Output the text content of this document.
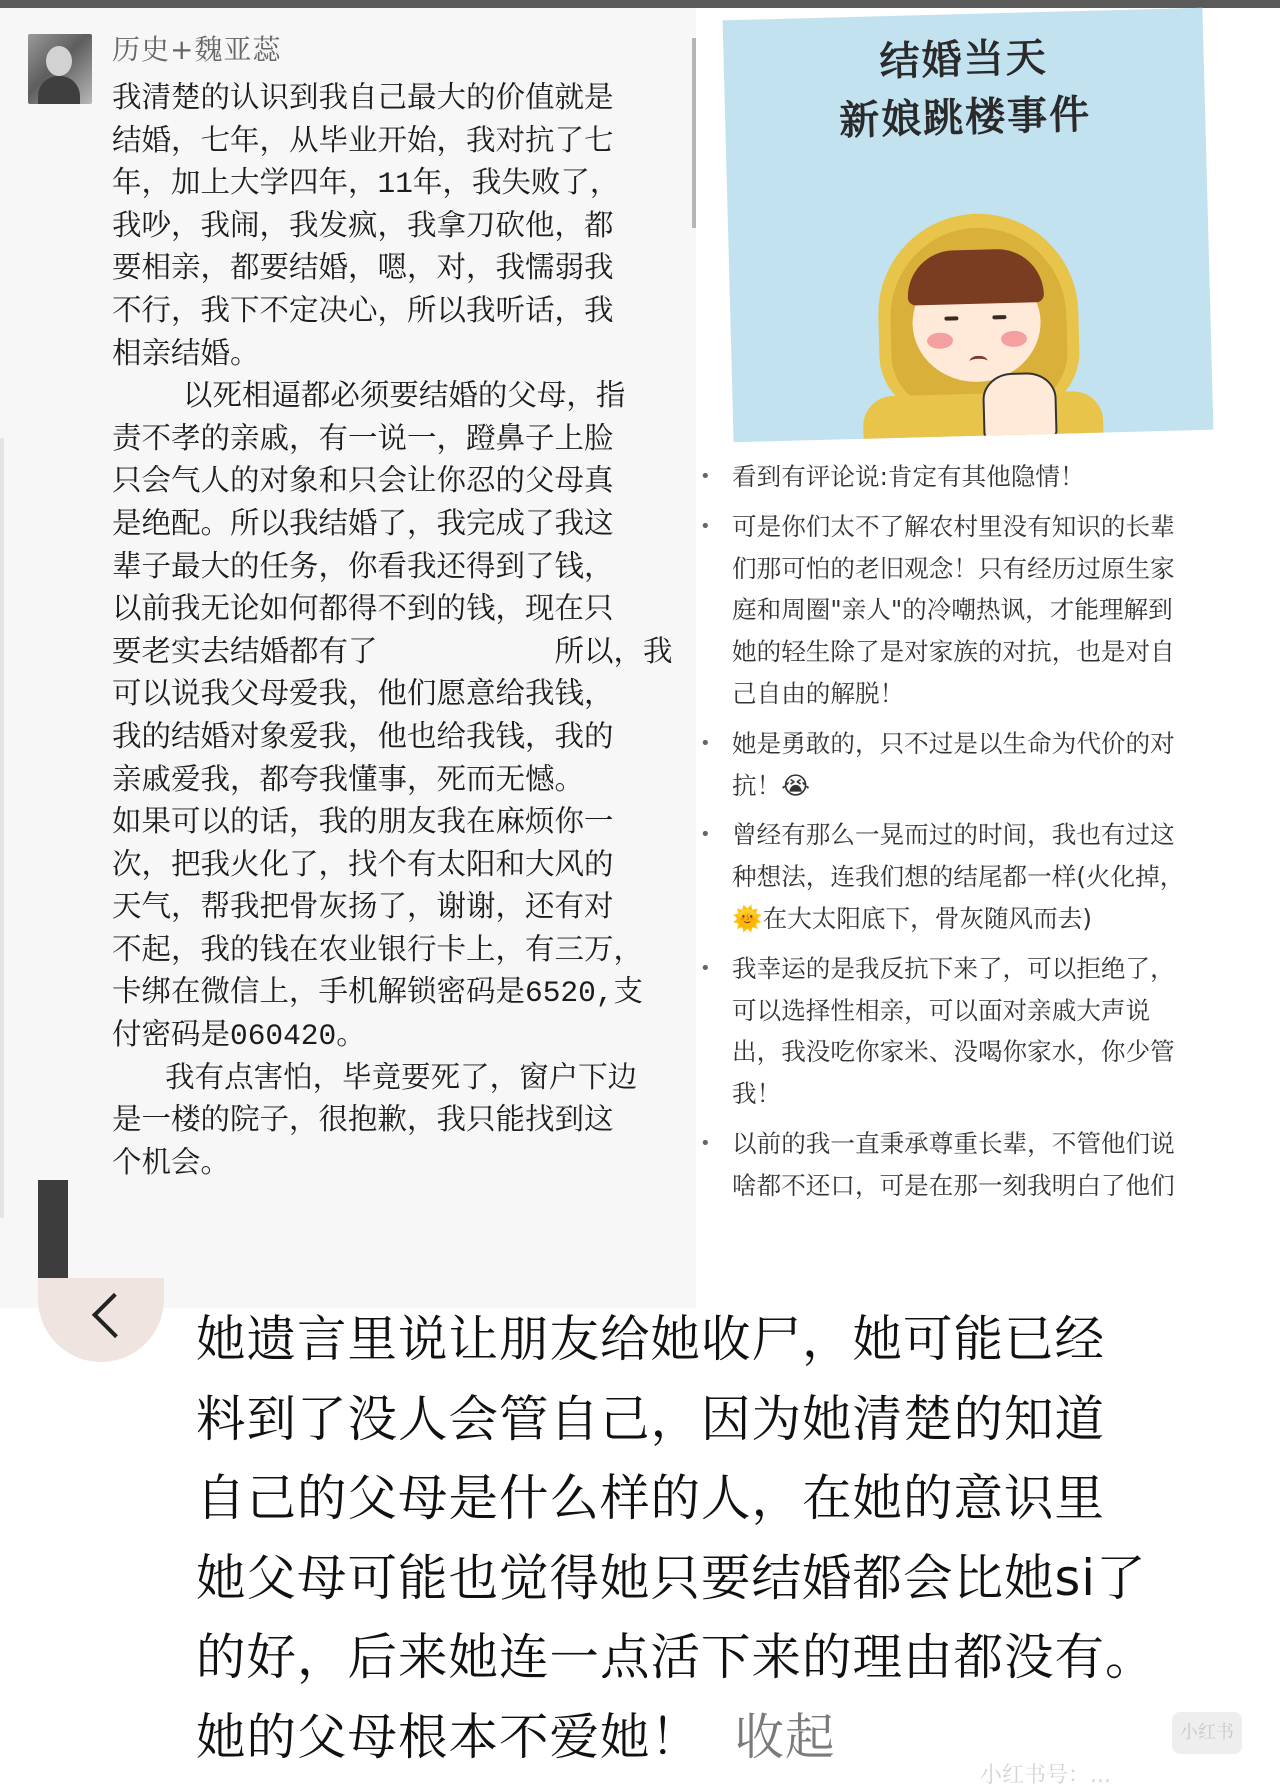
历史+魏亚蕊
我清楚的认识到我自己最大的价值就是
结婚，七年，从毕业开始，我对抗了七
年，加上大学四年，11年，我失败了，
我吵，我闹，我发疯，我拿刀砍他，都
要相亲，都要结婚，嗯，对，我懦弱我
不行，我下不定决心，所以我听话，我
相亲结婚。
以死相逼都必须要结婚的父母，指
责不孝的亲戚，有一说一，蹬鼻子上脸
只会气人的对象和只会让你忍的父母真
是绝配。所以我结婚了，我完成了我这
辈子最大的任务，你看我还得到了钱，
以前我无论如何都得不到的钱，现在只
要老实去结婚都有了          所以，我
可以说我父母爱我，他们愿意给我钱，
我的结婚对象爱我，他也给我钱，我的
亲戚爱我，都夸我懂事，死而无憾。
如果可以的话，我的朋友我在麻烦你一
次，把我火化了，找个有太阳和大风的
天气，帮我把骨灰扬了，谢谢，还有对
不起，我的钱在农业银行卡上，有三万，
卡绑在微信上，手机解锁密码是6520,支
付密码是060420。
我有点害怕，毕竟要死了，窗户下边
是一楼的院子，很抱歉，我只能找到这
个机会。
结婚当天
新娘跳楼事件
• 看到有评论说:肯定有其他隐情！
• 可是你们太不了解农村里没有知识的长辈
们那可怕的老旧观念！只有经历过原生家
庭和周圈"亲人"的冷嘲热讽，才能理解到
她的轻生除了是对家族的对抗，也是对自
己自由的解脱！
• 她是勇敢的，只不过是以生命为代价的对
抗！😭
• 曾经有那么一晃而过的时间，我也有过这
种想法，连我们想的结尾都一样(火化掉，
🌞在大太阳底下，骨灰随风而去)
• 我幸运的是我反抗下来了，可以拒绝了，
可以选择性相亲，可以面对亲戚大声说
出，我没吃你家米、没喝你家水，你少管
我！
• 以前的我一直秉承尊重长辈，不管他们说
啥都不还口，可是在那一刻我明白了他们

她遗言里说让朋友给她收尸，她可能已经
料到了没人会管自己，因为她清楚的知道
自己的父母是什么样的人，在她的意识里
她父母可能也觉得她只要结婚都会比她si了
的好，后来她连一点活下来的理由都没有。
她的父母根本不爱她！ 收起	小红书
小红书号：...
